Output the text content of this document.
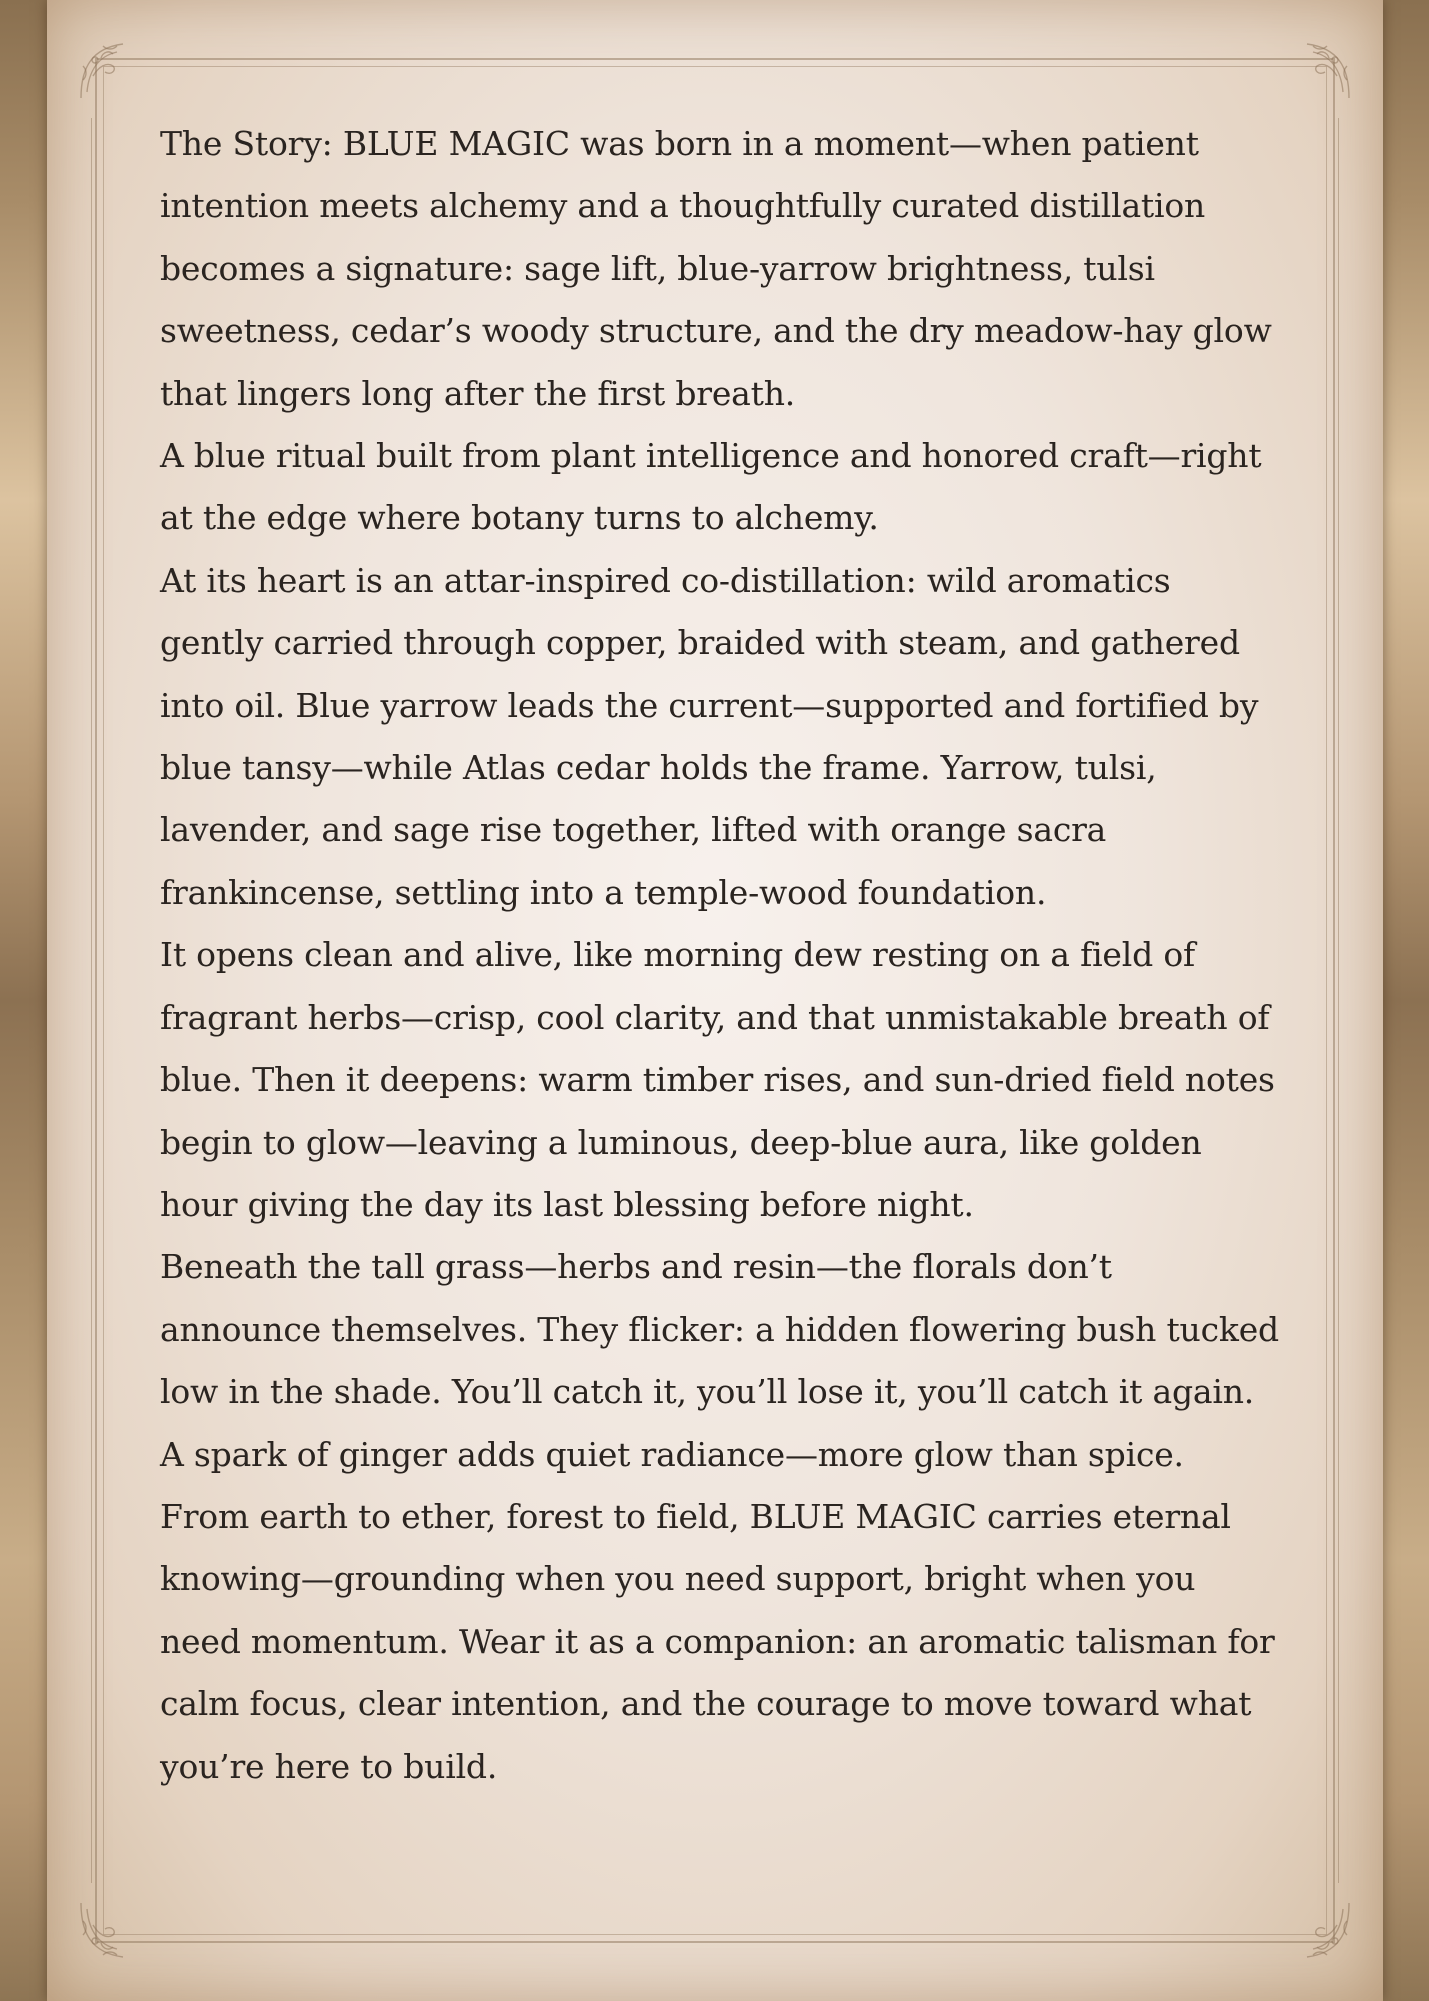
The Story: BLUE MAGIC was born in a moment—when patient intention meets alchemy and a thoughtfully curated distillation becomes a signature: sage lift, blue-yarrow brightness, tulsi sweetness, cedar’s woody structure, and the dry meadow-hay glow that lingers long after the first breath.

A blue ritual built from plant intelligence and honored craft—right at the edge where botany turns to alchemy.

At its heart is an attar-inspired co-distillation: wild aromatics gently carried through copper, braided with steam, and gathered into oil. Blue yarrow leads the current—supported and fortified by blue tansy—while Atlas cedar holds the frame. Yarrow, tulsi, lavender, and sage rise together, lifted with orange sacra frankincense, settling into a temple-wood foundation.

It opens clean and alive, like morning dew resting on a field of fragrant herbs—crisp, cool clarity, and that unmistakable breath of blue. Then it deepens: warm timber rises, and sun-dried field notes begin to glow—leaving a luminous, deep-blue aura, like golden hour giving the day its last blessing before night.

Beneath the tall grass—herbs and resin—the florals don’t announce themselves. They flicker: a hidden flowering bush tucked low in the shade. You’ll catch it, you’ll lose it, you’ll catch it again. A spark of ginger adds quiet radiance—more glow than spice.

From earth to ether, forest to field, BLUE MAGIC carries eternal knowing—grounding when you need support, bright when you need momentum. Wear it as a companion: an aromatic talisman for calm focus, clear intention, and the courage to move toward what you’re here to build.
